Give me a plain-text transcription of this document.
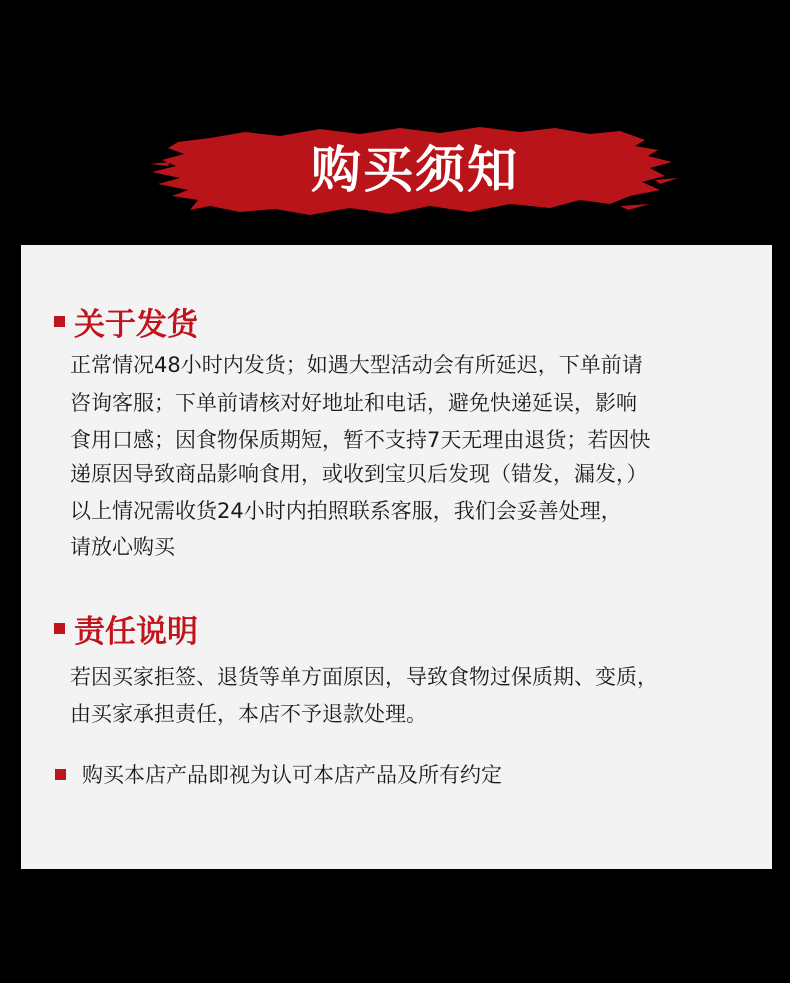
购买须知
关于发货
正常情况48小时内发货；如遇大型活动会有所延迟，下单前请
咨询客服；下单前请核对好地址和电话，避免快递延误，影响
食用口感；因食物保质期短，暂不支持7天无理由退货；若因快
递原因导致商品影响食用，或收到宝贝后发现（错发，漏发，）
以上情况需收货24小时内拍照联系客服，我们会妥善处理，
请放心购买
责任说明
若因买家拒签、退货等单方面原因，导致食物过保质期、变质，
由买家承担责任，本店不予退款处理。
购买本店产品即视为认可本店产品及所有约定
